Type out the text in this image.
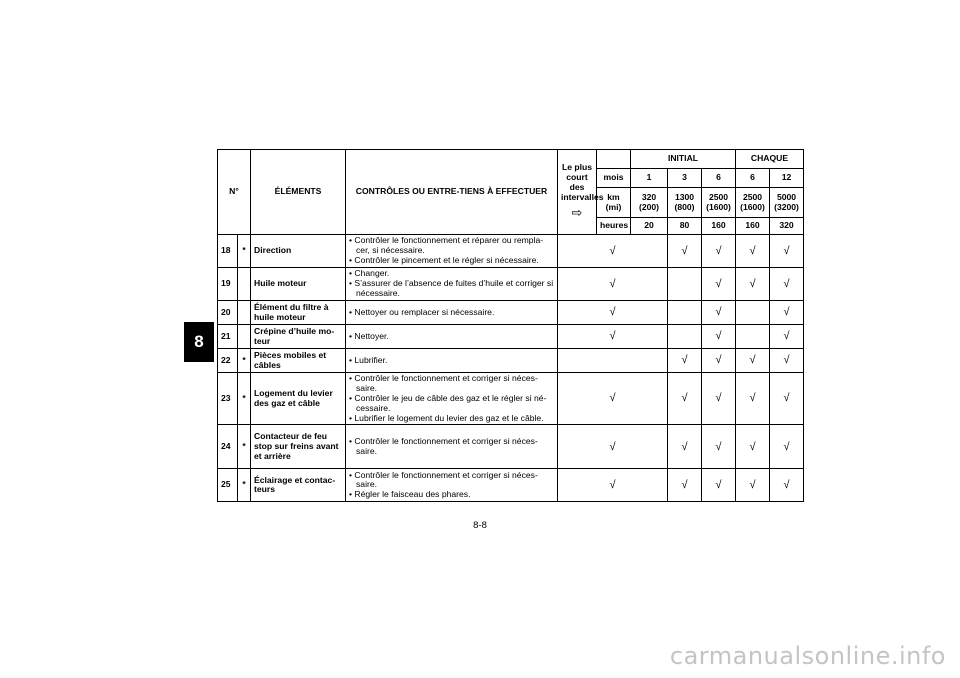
8
N°		ÉLÉMENTS	CONTRÔLES OU ENTRE-TIENS À EFFECTUER	Le plus court des intervalles
⇨		INITIAL			CHAQUE	
					mois	1	3	6	6	12
					km (mi)	320 (200)	1300 (800)	2500 (1600)	2500 (1600)	5000 (3200)
					heures	20	80	160	160	320
18	*	Direction	• Contrôler le fonctionnement et réparer ou rempla-cer, si nécessaire.
• Contrôler le pincement et le régler si nécessaire.	√			√	√	√	√
19		Huile moteur	• Changer.
• S’assurer de l’absence de fuites d’huile et corriger si nécessaire.	√				√	√	√
20		Élément du filtre à huile moteur	• Nettoyer ou remplacer si nécessaire.	√				√		√
21		Crépine d’huile mo-teur	• Nettoyer.	√				√		√
22	*	Pièces mobiles et câbles	• Lubrifier.				√	√	√	√
23	*	Logement du levier des gaz et câble	• Contrôler le fonctionnement et corriger si néces-saire.
• Contrôler le jeu de câble des gaz et le régler si né-cessaire.
• Lubrifier le logement du levier des gaz et le câble.	√			√	√	√	√
24	*	Contacteur de feu stop sur freins avant et arrière	• Contrôler le fonctionnement et corriger si néces-saire.	√			√	√	√	√
25	*	Éclairage et contac-teurs	• Contrôler le fonctionnement et corriger si néces-saire.
• Régler le faisceau des phares.	√			√	√	√	√
8-8
carmanualsonline.info
